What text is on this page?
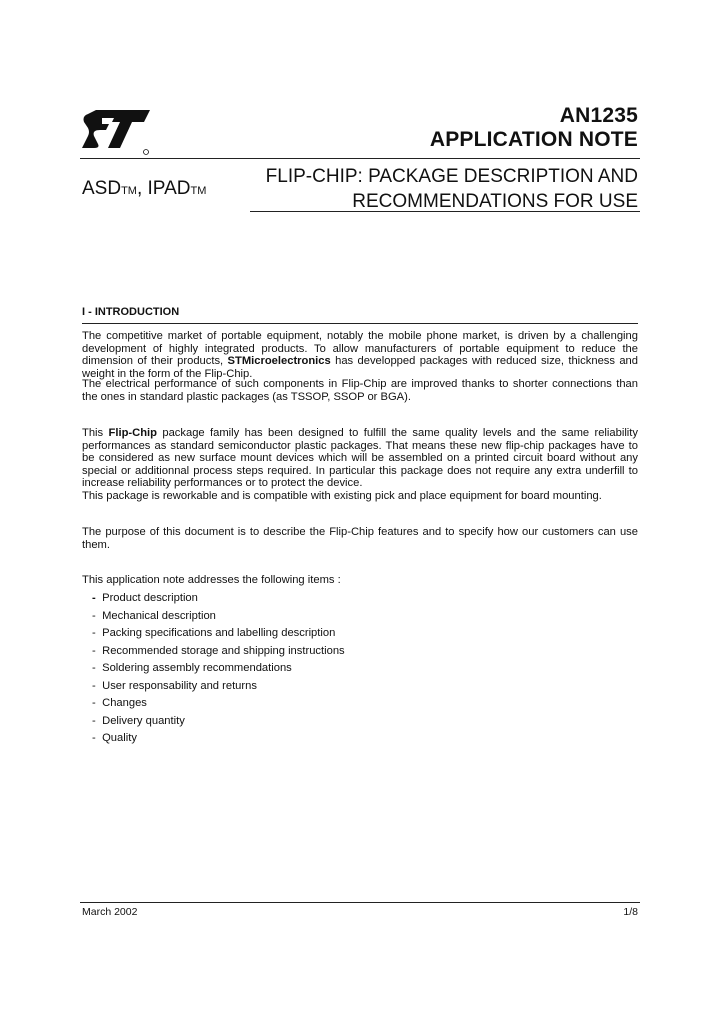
AN1235
APPLICATION NOTE
ASDTM, IPADTM
FLIP-CHIP: PACKAGE DESCRIPTION AND
RECOMMENDATIONS FOR USE
I - INTRODUCTION
The competitive market of portable equipment, notably the mobile phone market, is driven by a challenging development of highly integrated products. To allow manufacturers of portable equipment to reduce the dimension of their products, STMicroelectronics has developped packages with reduced size, thickness and weight in the form of the Flip-Chip.
The electrical performance of such components in Flip-Chip are improved thanks to shorter connections than the ones in standard plastic packages (as TSSOP, SSOP or BGA).
This Flip-Chip package family has been designed to fulfill the same quality levels and the same reliability performances as standard semiconductor plastic packages. That means these new flip-chip packages have to be considered as new surface mount devices which will be assembled on a printed circuit board without any special or additionnal process steps required. In particular this package does not require any extra underfill to increase reliability performances or to protect the device.
This package is reworkable and is compatible with existing pick and place equipment for board mounting.
The purpose of this document is to describe the Flip-Chip features and to specify how our customers can use them.
This application note addresses the following items :
- Product description
- Mechanical description
- Packing specifications and labelling description
- Recommended storage and shipping instructions
- Soldering assembly recommendations
- User responsability and returns
- Changes
- Delivery quantity
- Quality
March 2002	1/8
